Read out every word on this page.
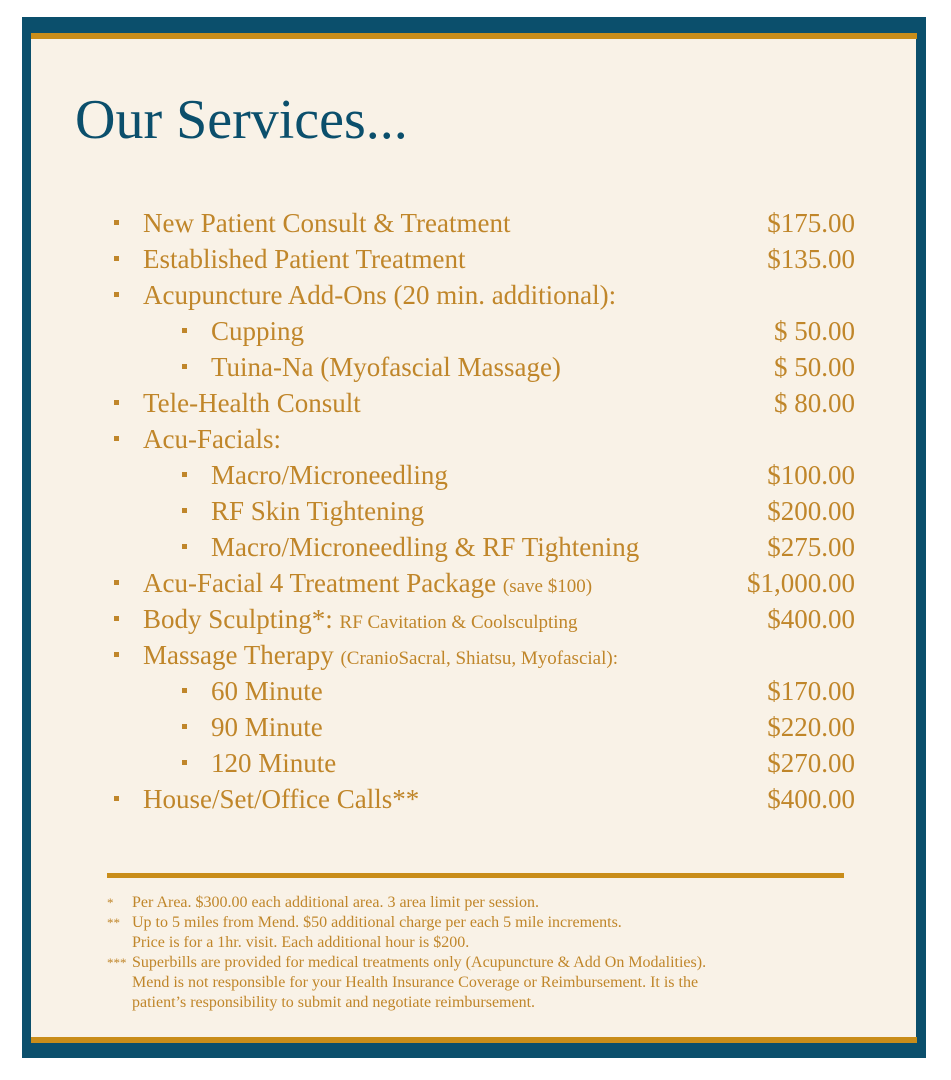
Our Services...
New Patient Consult & Treatment	$175.00
Established Patient Treatment	$135.00
Acupuncture Add-Ons (20 min. additional):
Cupping	$ 50.00
Tuina-Na (Myofascial Massage)	$ 50.00
Tele-Health Consult	$ 80.00
Acu-Facials:
Macro/Microneedling	$100.00
RF Skin Tightening	$200.00
Macro/Microneedling & RF Tightening	$275.00
Acu-Facial 4 Treatment Package (save $100)	$1,000.00
Body Sculpting*: RF Cavitation & Coolsculpting	$400.00
Massage Therapy (CranioSacral, Shiatsu, Myofascial):
60 Minute	$170.00
90 Minute	$220.00
120 Minute	$270.00
House/Set/Office Calls**	$400.00
* Per Area. $300.00 each additional area. 3 area limit per session.
** Up to 5 miles from Mend. $50 additional charge per each 5 mile increments.
Price is for a 1hr. visit. Each additional hour is $200.
*** Superbills are provided for medical treatments only (Acupuncture & Add On Modalities).
Mend is not responsible for your Health Insurance Coverage or Reimbursement. It is the
patient’s responsibility to submit and negotiate reimbursement.
